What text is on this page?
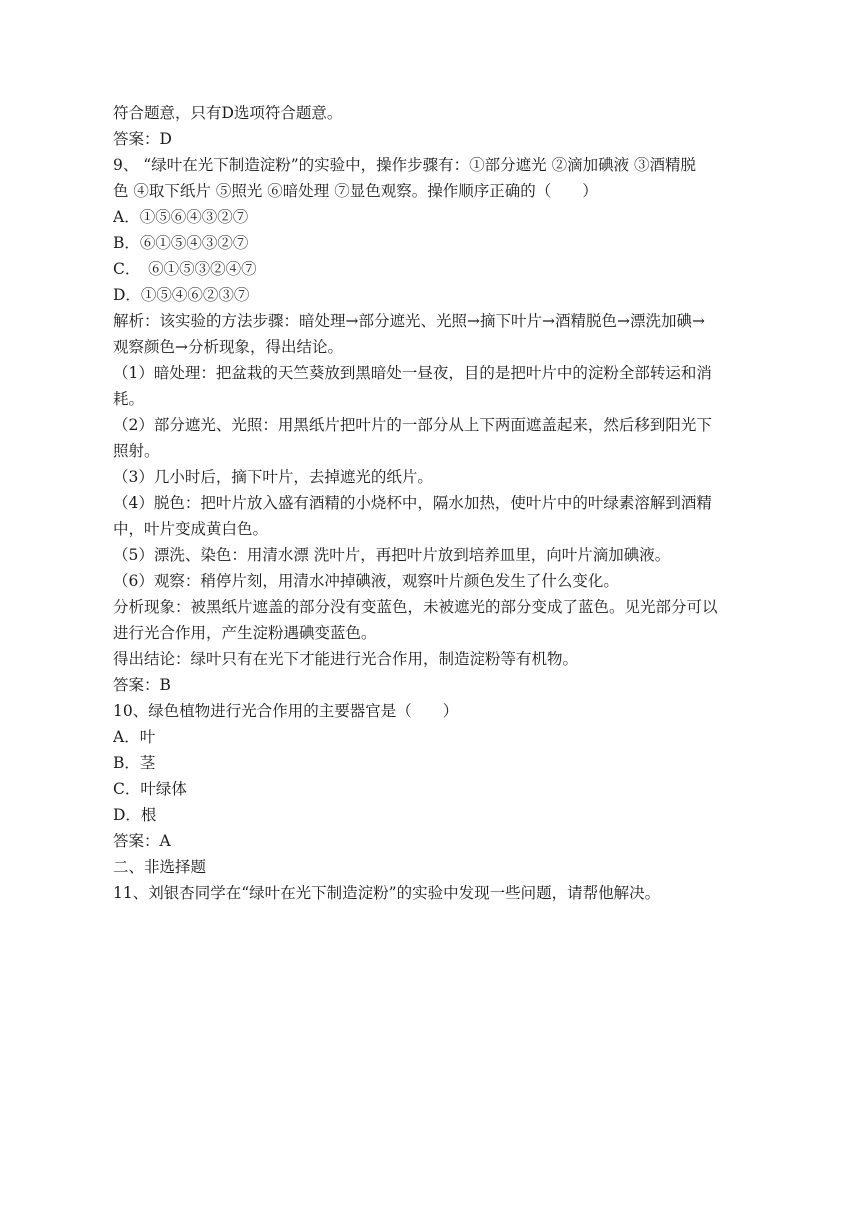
符合题意，只有D选项符合题意。
答案：D
9、 “绿叶在光下制造淀粉”的实验中，操作步骤有：①部分遮光 ②滴加碘液 ③酒精脱
色 ④取下纸片 ⑤照光 ⑥暗处理 ⑦显色观察。操作顺序正确的（　　）
A．①⑤⑥④③②⑦
B．⑥①⑤④③②⑦
C．　⑥①⑤③②④⑦
D．①⑤④⑥②③⑦
解析：该实验的方法步骤：暗处理→部分遮光、光照→摘下叶片→酒精脱色→漂洗加碘→
观察颜色→分析现象，得出结论。
（1）暗处理：把盆栽的天竺葵放到黑暗处一昼夜，目的是把叶片中的淀粉全部转运和消
耗。
（2）部分遮光、光照：用黑纸片把叶片的一部分从上下两面遮盖起来，然后移到阳光下
照射。
（3）几小时后，摘下叶片，去掉遮光的纸片。
（4）脱色：把叶片放入盛有酒精的小烧杯中，隔水加热，使叶片中的叶绿素溶解到酒精
中，叶片变成黄白色。
（5）漂洗、染色：用清水漂 洗叶片，再把叶片放到培养皿里，向叶片滴加碘液。
（6）观察：稍停片刻，用清水冲掉碘液，观察叶片颜色发生了什么变化。
分析现象：被黑纸片遮盖的部分没有变蓝色，未被遮光的部分变成了蓝色。见光部分可以
进行光合作用，产生淀粉遇碘变蓝色。
得出结论：绿叶只有在光下才能进行光合作用，制造淀粉等有机物。
答案：B
10、绿色植物进行光合作用的主要器官是（　　）
A．叶
B．茎
C．叶绿体
D．根
答案：A
二、非选择题
11、刘银杏同学在“绿叶在光下制造淀粉”的实验中发现一些问题，请帮他解决。
